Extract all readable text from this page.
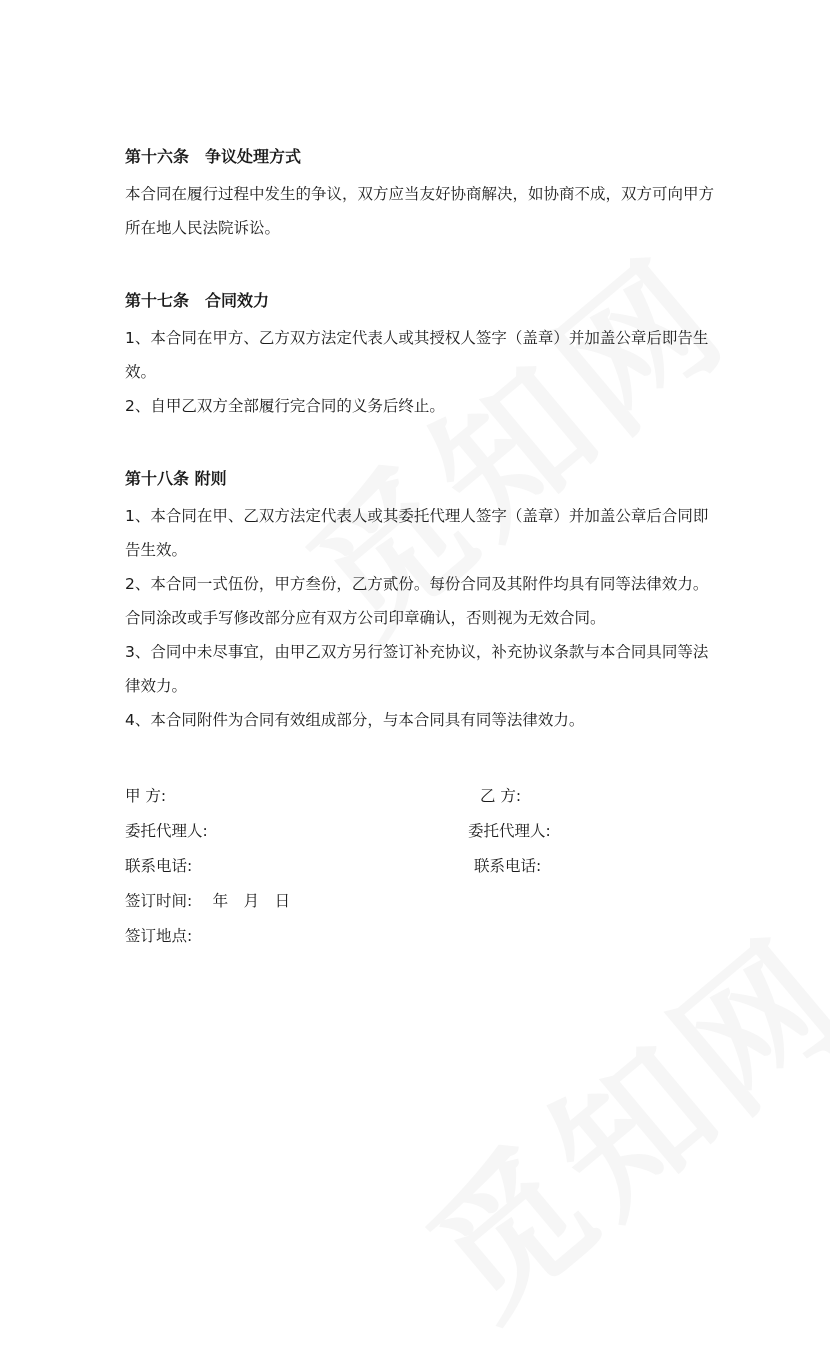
第十六条　争议处理方式

本合同在履行过程中发生的争议，双方应当友好协商解决，如协商不成，双方可向甲方所在地人民法院诉讼。

第十七条　合同效力

1、本合同在甲方、乙方双方法定代表人或其授权人签字（盖章）并加盖公章后即告生效。

2、自甲乙双方全部履行完合同的义务后终止。

第十八条 附则

1、本合同在甲、乙双方法定代表人或其委托代理人签字（盖章）并加盖公章后合同即告生效。

2、本合同一式伍份，甲方叁份，乙方贰份。每份合同及其附件均具有同等法律效力。合同涂改或手写修改部分应有双方公司印章确认，否则视为无效合同。

3、合同中未尽事宜，由甲乙双方另行签订补充协议，补充协议条款与本合同具同等法律效力。

4、本合同附件为合同有效组成部分，与本合同具有同等法律效力。

甲 方:	乙 方:
委托代理人:	委托代理人:
联系电话:	联系电话:
签订时间:　 年　月　日
签订地点:
